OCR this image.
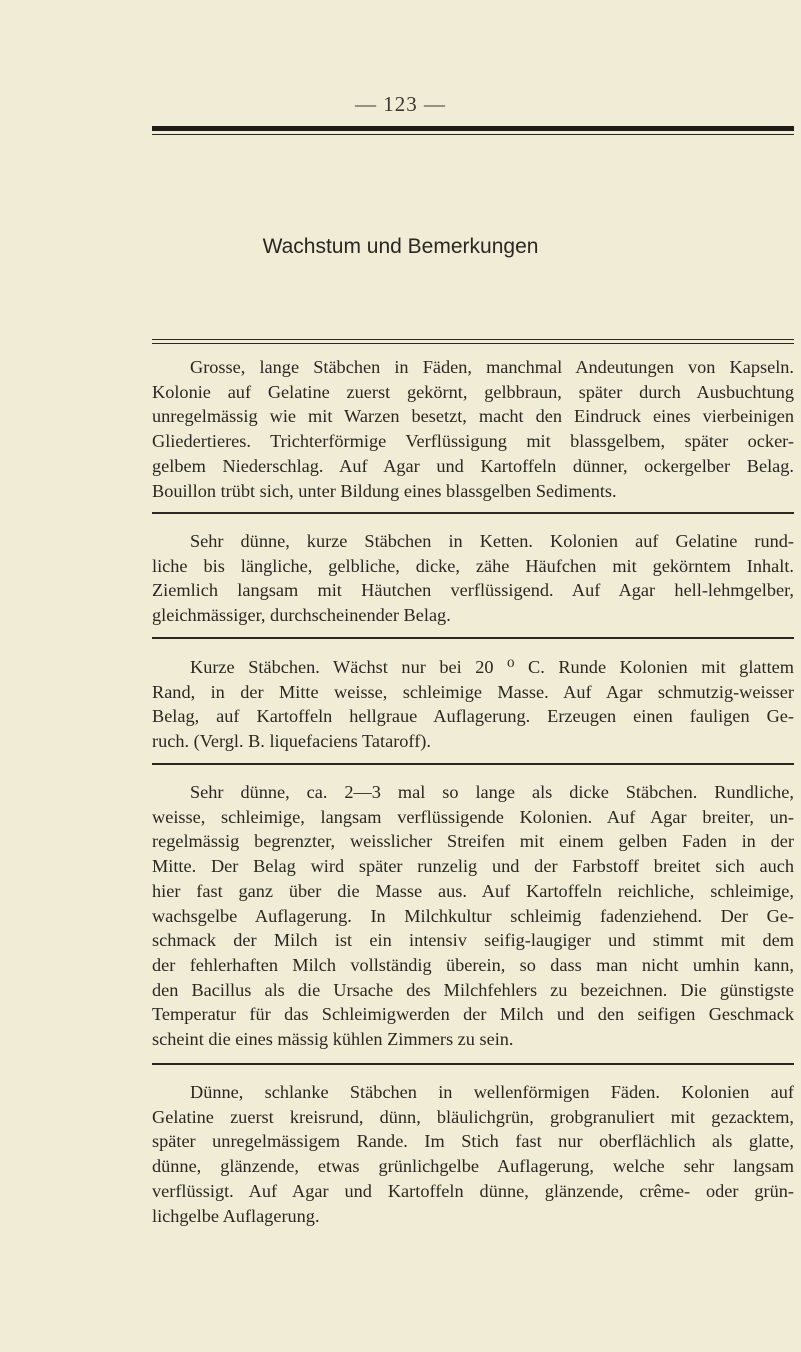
— 123 —
Wachstum und Bemerkungen
Grosse, lange Stäbchen in Fäden, manchmal Andeutungen von Kapseln.
Kolonie auf Gelatine zuerst gekörnt, gelbbraun, später durch Ausbuchtung
unregelmässig wie mit Warzen besetzt, macht den Eindruck eines vierbeinigen
Gliedertieres. Trichterförmige Verflüssigung mit blassgelbem, später ocker-
gelbem Niederschlag. Auf Agar und Kartoffeln dünner, ockergelber Belag.
Bouillon trübt sich, unter Bildung eines blassgelben Sediments.
Sehr dünne, kurze Stäbchen in Ketten. Kolonien auf Gelatine rund-
liche bis längliche, gelbliche, dicke, zähe Häufchen mit gekörntem Inhalt.
Ziemlich langsam mit Häutchen verflüssigend. Auf Agar hell-lehmgelber,
gleichmässiger, durchscheinender Belag.
Kurze Stäbchen. Wächst nur bei 20 ⁰ C. Runde Kolonien mit glattem
Rand, in der Mitte weisse, schleimige Masse. Auf Agar schmutzig-weisser
Belag, auf Kartoffeln hellgraue Auflagerung. Erzeugen einen fauligen Ge-
ruch. (Vergl. B. liquefaciens Tataroff).
Sehr dünne, ca. 2—3 mal so lange als dicke Stäbchen. Rundliche,
weisse, schleimige, langsam verflüssigende Kolonien. Auf Agar breiter, un-
regelmässig begrenzter, weisslicher Streifen mit einem gelben Faden in der
Mitte. Der Belag wird später runzelig und der Farbstoff breitet sich auch
hier fast ganz über die Masse aus. Auf Kartoffeln reichliche, schleimige,
wachsgelbe Auflagerung. In Milchkultur schleimig fadenziehend. Der Ge-
schmack der Milch ist ein intensiv seifig-laugiger und stimmt mit dem
der fehlerhaften Milch vollständig überein, so dass man nicht umhin kann,
den Bacillus als die Ursache des Milchfehlers zu bezeichnen. Die günstigste
Temperatur für das Schleimigwerden der Milch und den seifigen Geschmack
scheint die eines mässig kühlen Zimmers zu sein.
Dünne, schlanke Stäbchen in wellenförmigen Fäden. Kolonien auf
Gelatine zuerst kreisrund, dünn, bläulichgrün, grobgranuliert mit gezacktem,
später unregelmässigem Rande. Im Stich fast nur oberflächlich als glatte,
dünne, glänzende, etwas grünlichgelbe Auflagerung, welche sehr langsam
verflüssigt. Auf Agar und Kartoffeln dünne, glänzende, crême- oder grün-
lichgelbe Auflagerung.
